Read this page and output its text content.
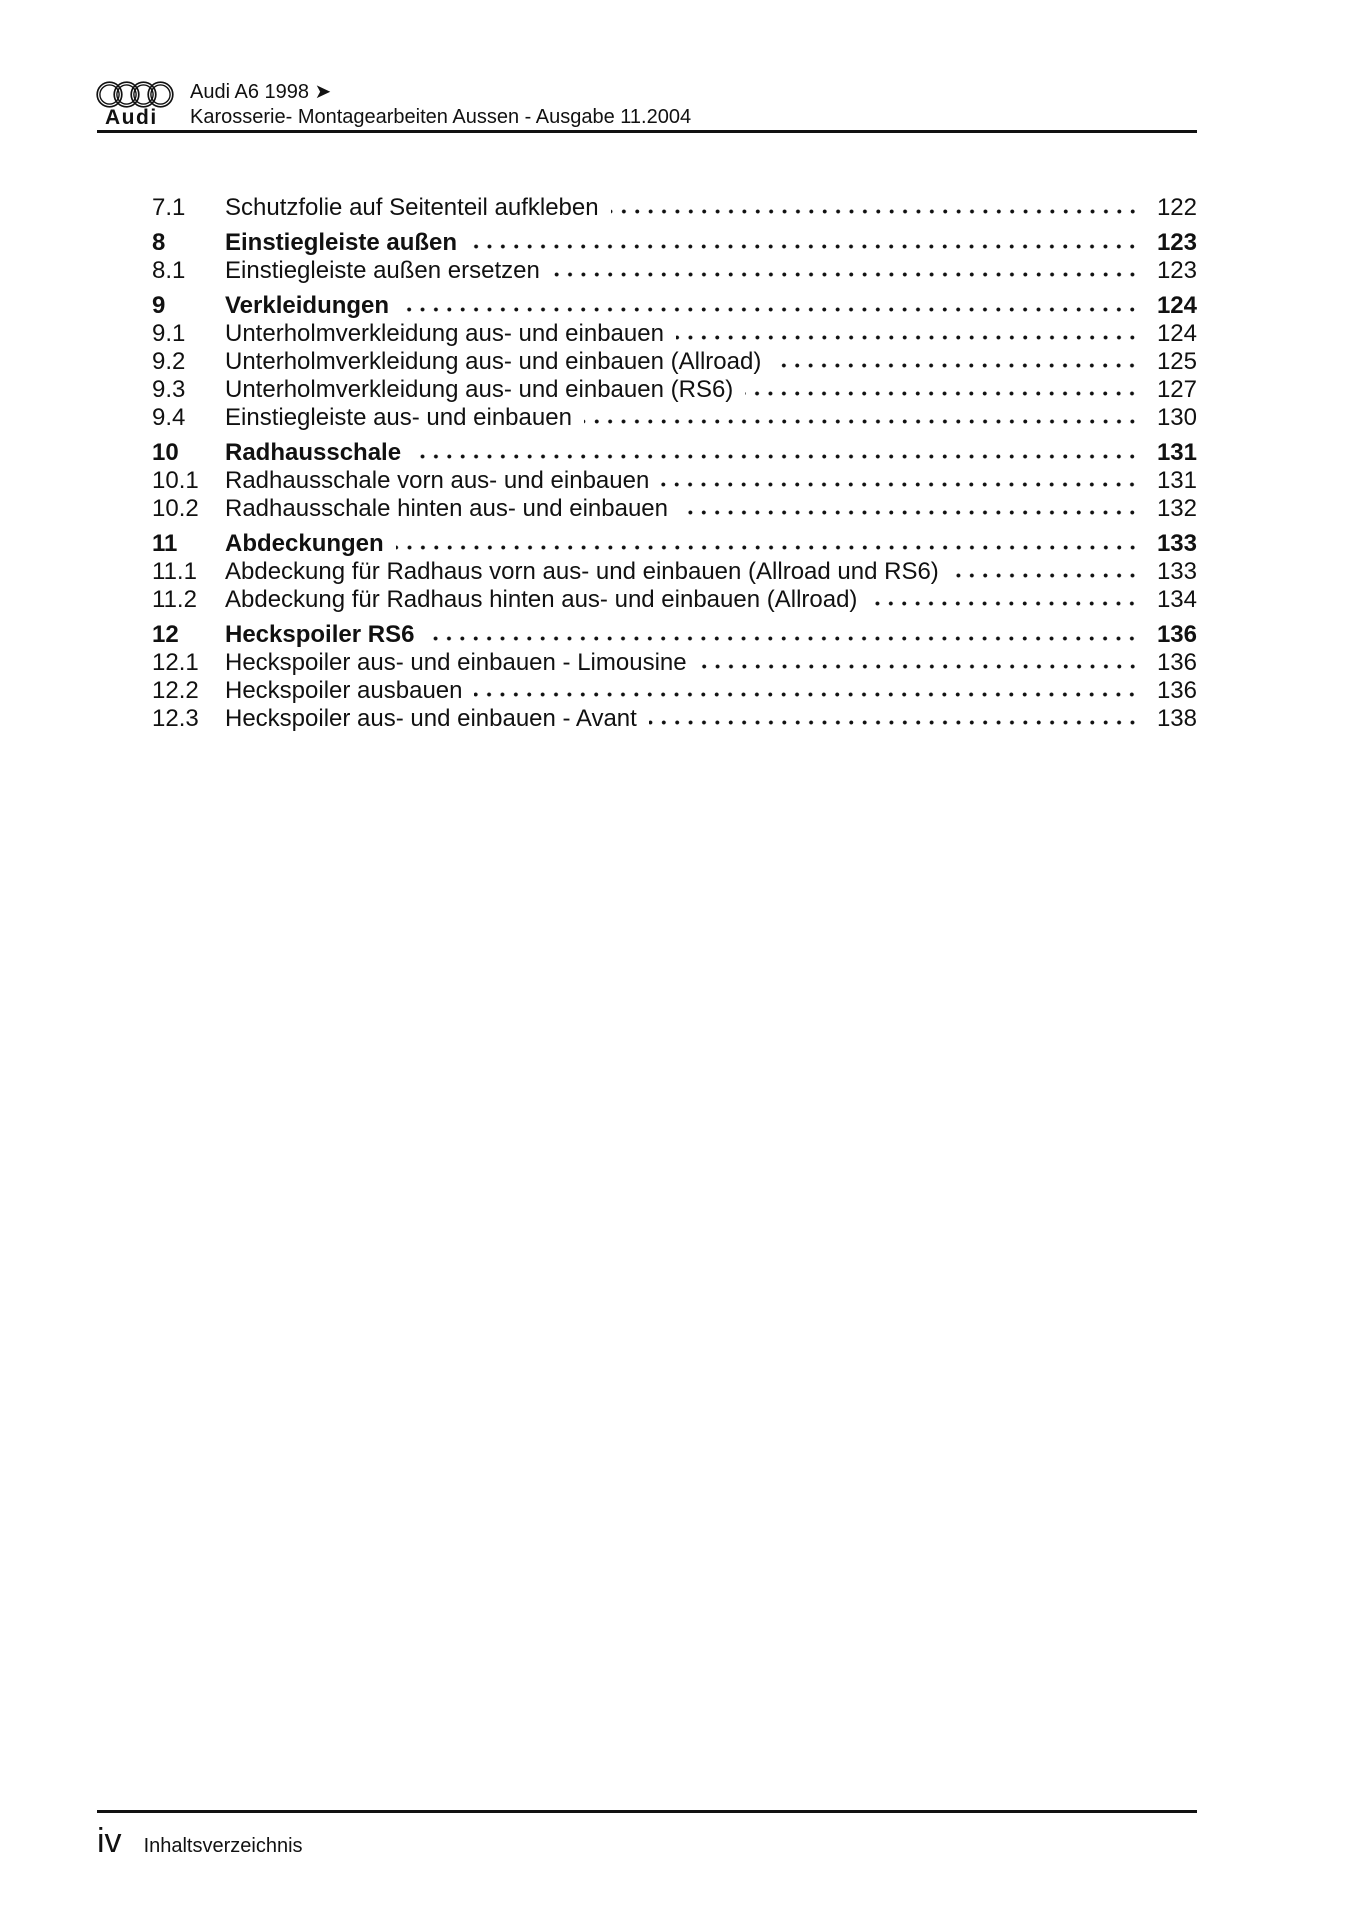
Audi
Audi A6 1998 ➤
Karosserie- Montagearbeiten Aussen - Ausgabe 11.2004
7.1	Schutzfolie auf Seitenteil aufkleben	122
8	Einstiegleiste außen	123
8.1	Einstiegleiste außen ersetzen	123
9	Verkleidungen	124
9.1	Unterholmverkleidung aus- und einbauen	124
9.2	Unterholmverkleidung aus- und einbauen (Allroad)	125
9.3	Unterholmverkleidung aus- und einbauen (RS6)	127
9.4	Einstiegleiste aus- und einbauen	130
10	Radhausschale	131
10.1	Radhausschale vorn aus- und einbauen	131
10.2	Radhausschale hinten aus- und einbauen	132
11	Abdeckungen	133
11.1	Abdeckung für Radhaus vorn aus- und einbauen (Allroad und RS6)	133
11.2	Abdeckung für Radhaus hinten aus- und einbauen (Allroad)	134
12	Heckspoiler RS6	136
12.1	Heckspoiler aus- und einbauen - Limousine	136
12.2	Heckspoiler ausbauen	136
12.3	Heckspoiler aus- und einbauen - Avant	138
iv Inhaltsverzeichnis
